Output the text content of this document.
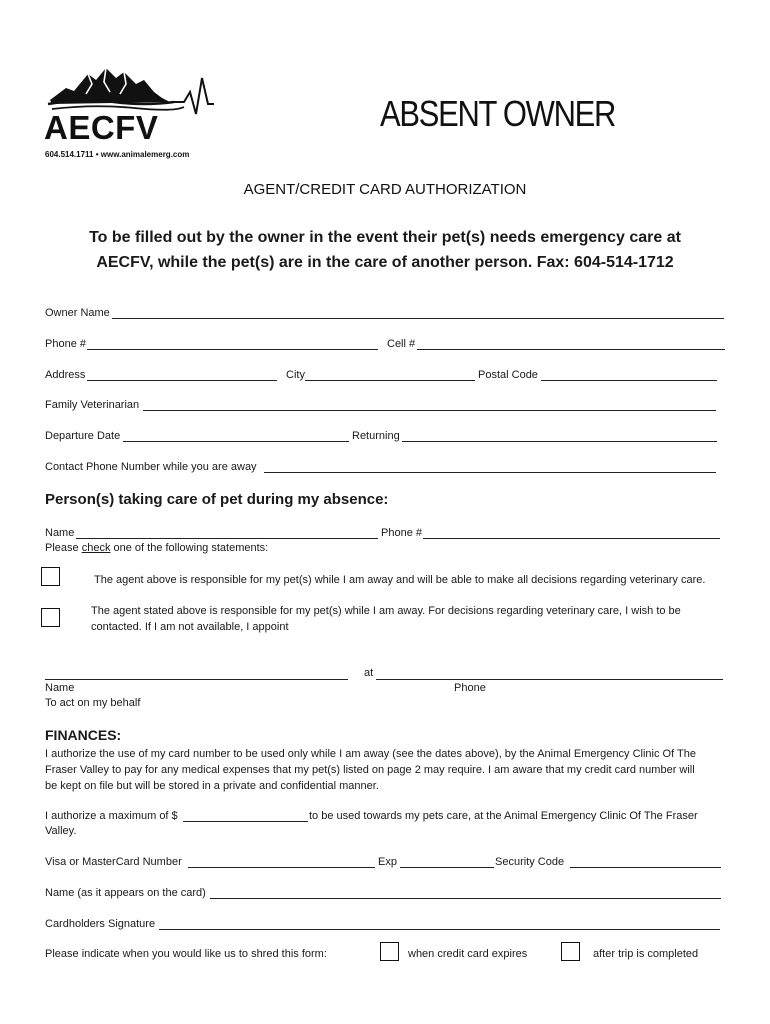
AECFV
604.514.1711 • www.animalemerg.com
ABSENT OWNER
AGENT/CREDIT CARD AUTHORIZATION
To be filled out by the owner in the event their pet(s) needs emergency care at
AECFV, while the pet(s) are in the care of another person. Fax: 604-514-1712
Owner Name
Phone #	Cell #
Address	City	Postal Code
Family Veterinarian
Departure Date	Returning
Contact Phone Number while you are away
Person(s) taking care of pet during my absence:
Name	Phone #
Please check one of the following statements:
The agent above is responsible for my pet(s) while I am away and will be able to make all decisions regarding veterinary care.
The agent stated above is responsible for my pet(s) while I am away. For decisions regarding veterinary care, I wish to be
contacted. If I am not available, I appoint
at
Name	Phone
To act on my behalf
FINANCES:
I authorize the use of my card number to be used only while I am away (see the dates above), by the Animal Emergency Clinic Of The
Fraser Valley to pay for any medical expenses that my pet(s) listed on page 2 may require. I am aware that my credit card number will
be kept on file but will be stored in a private and confidential manner.
I authorize a maximum of $	to be used towards my pets care, at the Animal Emergency Clinic Of The Fraser
Valley.
Visa or MasterCard Number	Exp	Security Code
Name (as it appears on the card)
Cardholders Signature
Please indicate when you would like us to shred this form:	when credit card expires	after trip is completed
